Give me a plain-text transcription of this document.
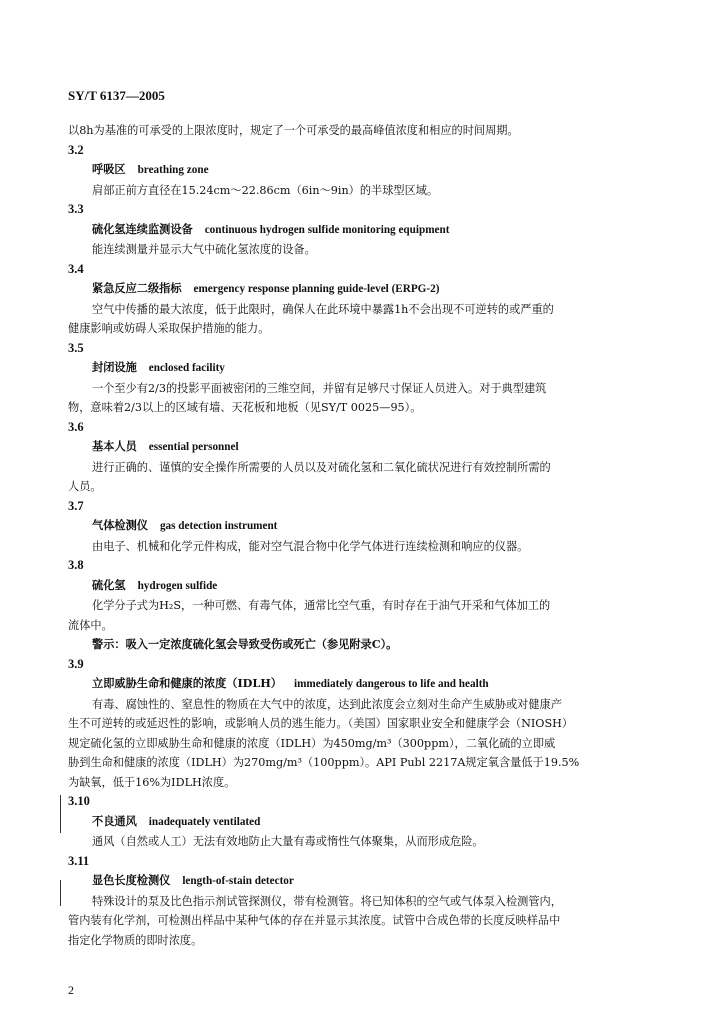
SY/T 6137—2005
以8h为基准的可承受的上限浓度时，规定了一个可承受的最高峰值浓度和相应的时间周期。
3.2
呼吸区 breathing zone
肩部正前方直径在15.24cm～22.86cm（6in～9in）的半球型区域。
3.3
硫化氢连续监测设备 continuous hydrogen sulfide monitoring equipment
能连续测量并显示大气中硫化氢浓度的设备。
3.4
紧急反应二级指标 emergency response planning guide-level (ERPG-2)
空气中传播的最大浓度，低于此限时，确保人在此环境中暴露1h不会出现不可逆转的或严重的
健康影响或妨碍人采取保护措施的能力。
3.5
封闭设施 enclosed facility
一个至少有2/3的投影平面被密闭的三维空间，并留有足够尺寸保证人员进入。对于典型建筑
物，意味着2/3以上的区域有墙、天花板和地板（见SY/T 0025—95）。
3.6
基本人员 essential personnel
进行正确的、谨慎的安全操作所需要的人员以及对硫化氢和二氧化硫状况进行有效控制所需的
人员。
3.7
气体检测仪 gas detection instrument
由电子、机械和化学元件构成，能对空气混合物中化学气体进行连续检测和响应的仪器。
3.8
硫化氢 hydrogen sulfide
化学分子式为H₂S，一种可燃、有毒气体，通常比空气重，有时存在于油气开采和气体加工的
流体中。
警示：吸入一定浓度硫化氢会导致受伤或死亡（参见附录C）。
3.9
立即威胁生命和健康的浓度（IDLH） immediately dangerous to life and health
有毒、腐蚀性的、窒息性的物质在大气中的浓度，达到此浓度会立刻对生命产生威胁或对健康产
生不可逆转的或延迟性的影响，或影响人员的逃生能力。（美国）国家职业安全和健康学会（NIOSH）
规定硫化氢的立即威胁生命和健康的浓度（IDLH）为450mg/m³（300ppm），二氧化硫的立即威
胁到生命和健康的浓度（IDLH）为270mg/m³（100ppm）。API Publ 2217A规定氧含量低于19.5%
为缺氧，低于16%为IDLH浓度。
3.10
不良通风 inadequately ventilated
通风（自然或人工）无法有效地防止大量有毒或惰性气体聚集，从而形成危险。
3.11
显色长度检测仪 length-of-stain detector
特殊设计的泵及比色指示剂试管探测仪，带有检测管。将已知体积的空气或气体泵入检测管内，
管内装有化学剂，可检测出样品中某种气体的存在并显示其浓度。试管中合成色带的长度反映样品中
指定化学物质的即时浓度。
2
